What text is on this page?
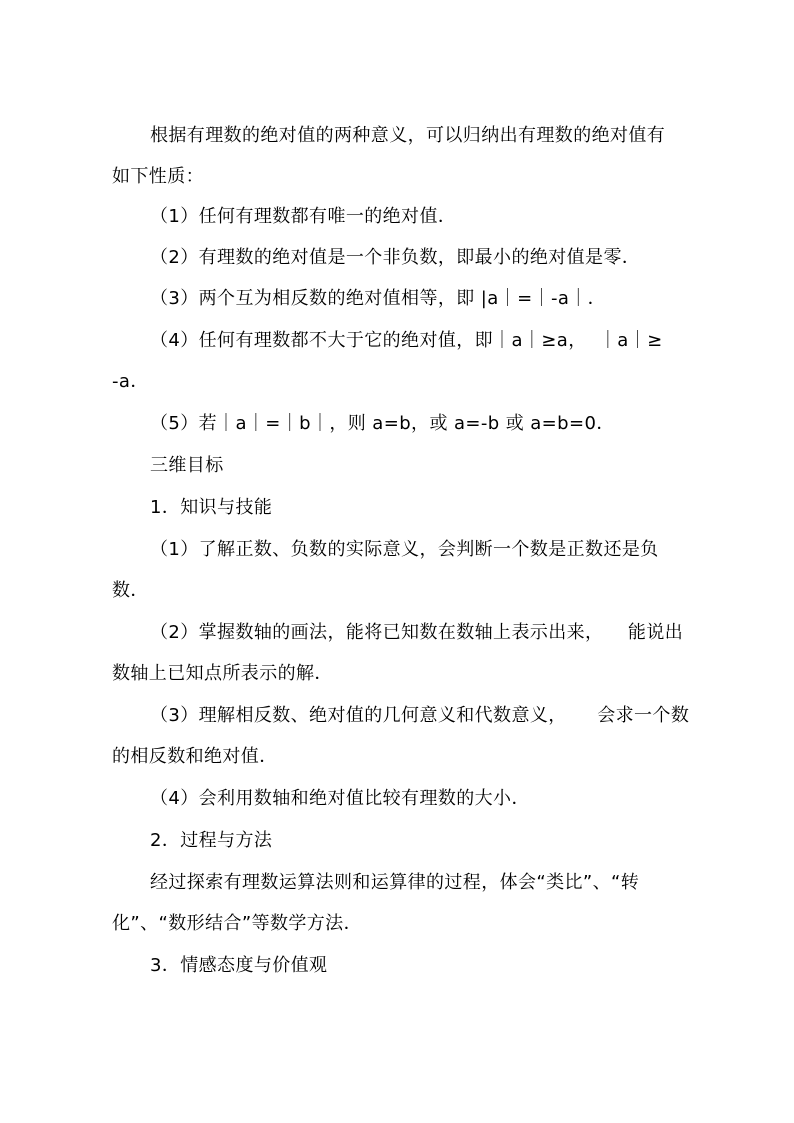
根据有理数的绝对值的两种意义，可以归纳出有理数的绝对值有
如下性质：
（1）任何有理数都有唯一的绝对值．
（2）有理数的绝对值是一个非负数，即最小的绝对值是零．
（3）两个互为相反数的绝对值相等，即 |a｜=｜-a｜．
（4）任何有理数都不大于它的绝对值，即｜a｜≥a，  ｜a｜≥
-a．
（5）若｜a｜=｜b｜，则 a=b，或 a=-b 或 a=b=0．
三维目标
1．知识与技能
（1）了解正数、负数的实际意义，会判断一个数是正数还是负
数．
（2）掌握数轴的画法，能将已知数在数轴上表示出来，    能说出
数轴上已知点所表示的解．
（3）理解相反数、绝对值的几何意义和代数意义，     会求一个数
的相反数和绝对值．
（4）会利用数轴和绝对值比较有理数的大小．
2．过程与方法
经过探索有理数运算法则和运算律的过程，体会“类比”、“转
化”、“数形结合”等数学方法．
3．情感态度与价值观
